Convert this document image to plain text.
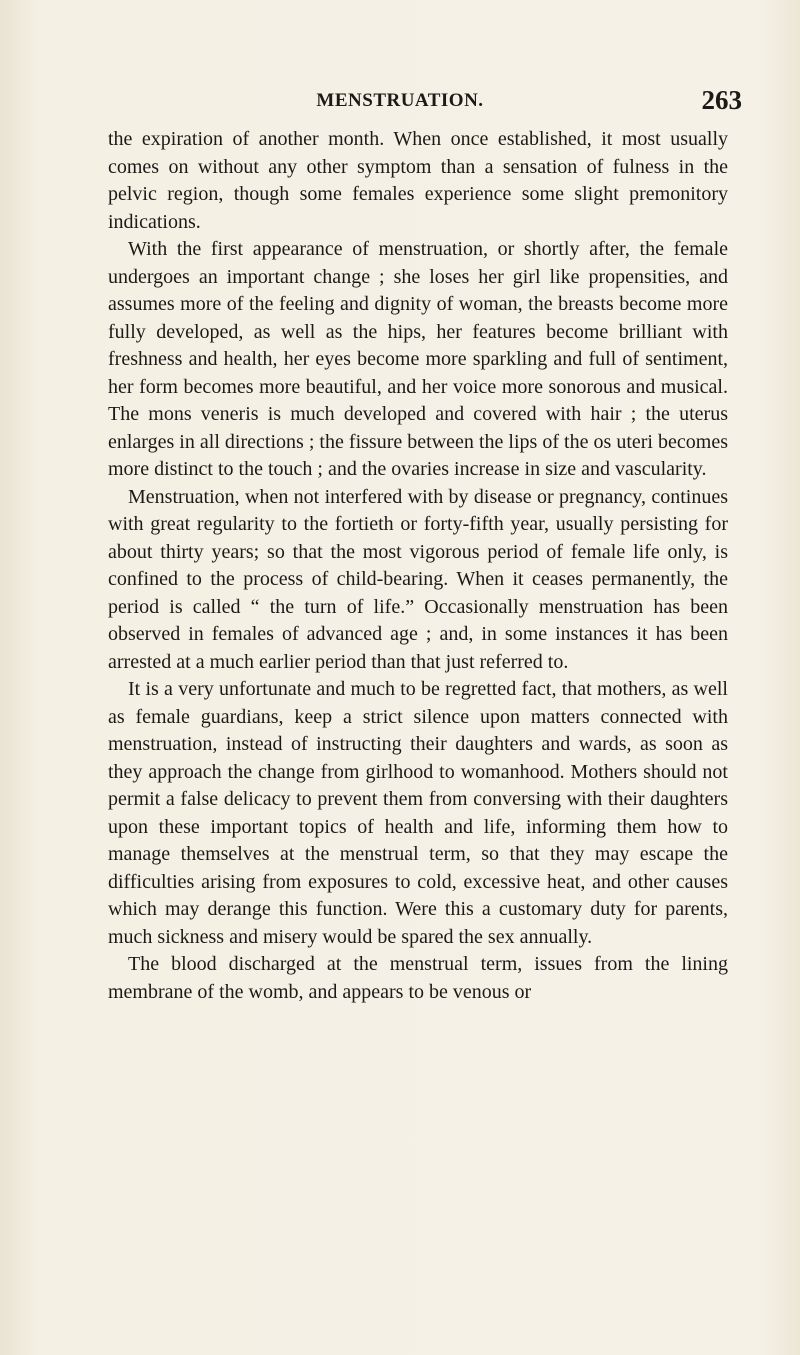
MENSTRUATION.	263

the expiration of another month. When once established, it most usually comes on without any other symptom than a sensation of fulness in the pelvic region, though some females experience some slight premonitory indications.

With the first appearance of menstruation, or shortly after, the female undergoes an important change ; she loses her girl like propensities, and assumes more of the feeling and dignity of woman, the breasts become more fully developed, as well as the hips, her features become brilliant with freshness and health, her eyes become more sparkling and full of sentiment, her form becomes more beautiful, and her voice more sonorous and musical. The mons veneris is much developed and covered with hair ; the uterus enlarges in all directions ; the fissure between the lips of the os uteri becomes more distinct to the touch ; and the ovaries increase in size and vascularity.

Menstruation, when not interfered with by disease or pregnancy, continues with great regularity to the fortieth or forty-fifth year, usually persisting for about thirty years; so that the most vigorous period of female life only, is confined to the process of child-bearing. When it ceases permanently, the period is called “ the turn of life.” Occasionally menstruation has been observed in females of advanced age ; and, in some instances it has been arrested at a much earlier period than that just referred to.

It is a very unfortunate and much to be regretted fact, that mothers, as well as female guardians, keep a strict silence upon matters connected with menstruation, instead of instructing their daughters and wards, as soon as they approach the change from girlhood to womanhood. Mothers should not permit a false delicacy to prevent them from conversing with their daughters upon these important topics of health and life, informing them how to manage themselves at the menstrual term, so that they may escape the difficulties arising from exposures to cold, excessive heat, and other causes which may derange this function. Were this a customary duty for parents, much sickness and misery would be spared the sex annually.

The blood discharged at the menstrual term, issues from the lining membrane of the womb, and appears to be venous or
